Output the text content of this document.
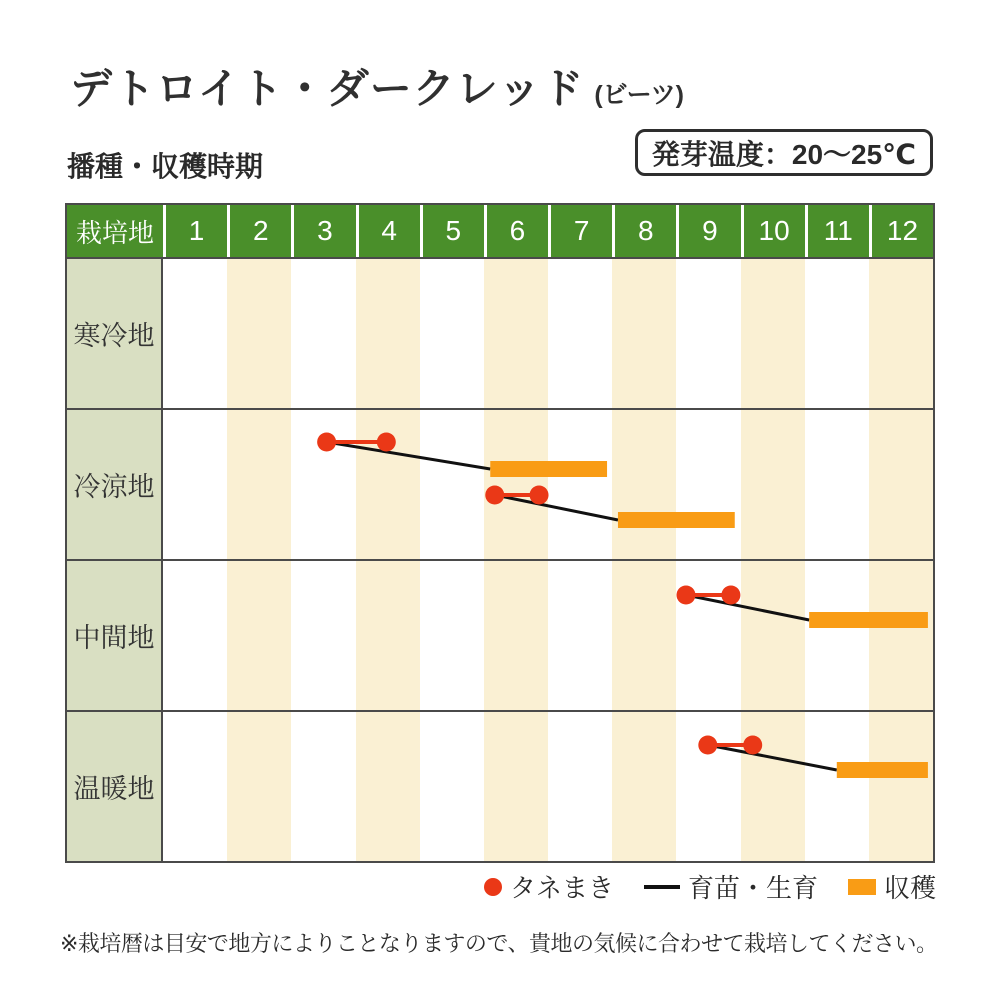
デトロイト・ダークレッド (ビーツ)
発芽温度：20〜25℃
播種・収穫時期
栽培地	1	2	3	4	5	6	7	8	9	10	11	12
寒冷地
冷涼地
中間地
温暖地
タネまき	育苗・生育	収穫
※栽培暦は目安で地方によりことなりますので、貴地の気候に合わせて栽培してください。
